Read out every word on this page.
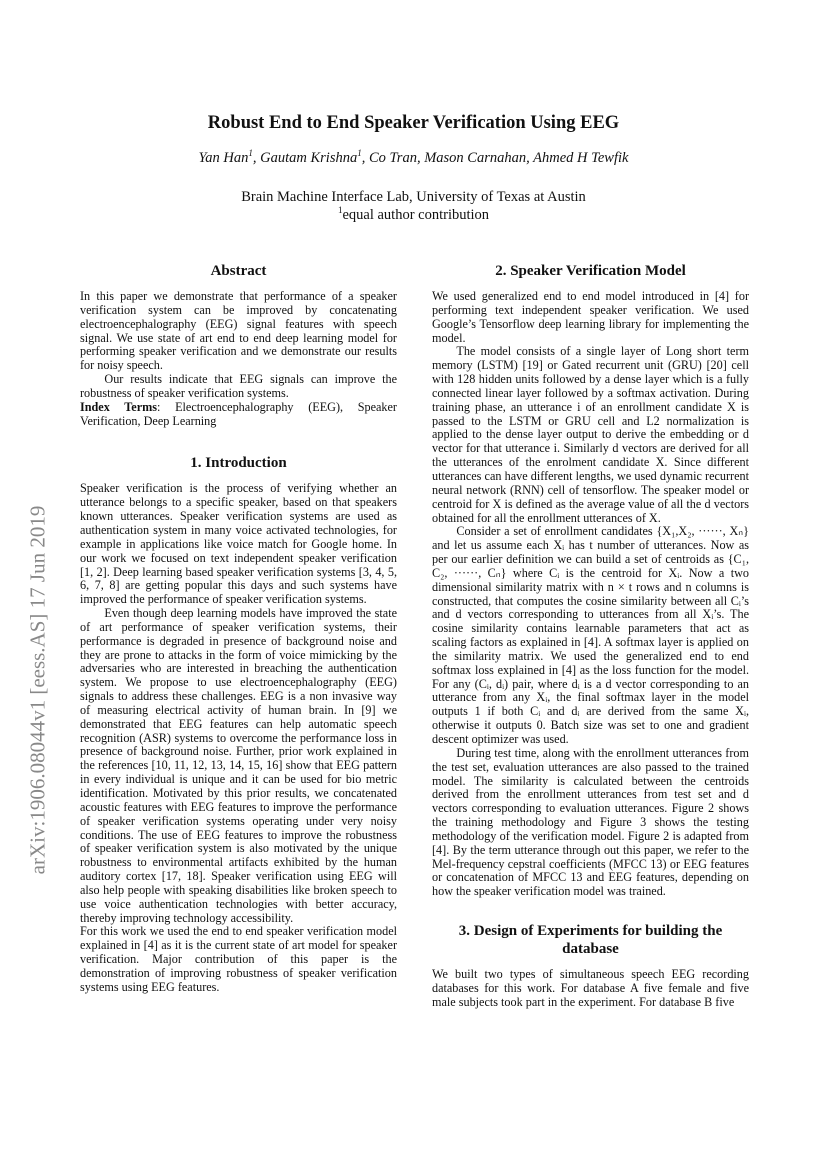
arXiv:1906.08044v1 [eess.AS] 17 Jun 2019
Robust End to End Speaker Verification Using EEG
Yan Han$^1$, Gautam Krishna$^1$, Co Tran, Mason Carnahan, Ahmed H Tewfik
Brain Machine Interface Lab, University of Texas at Austin
$^1$equal author contribution
Abstract

In this paper we demonstrate that performance of a speaker verification system can be improved by concatenating electroencephalography (EEG) signal features with speech signal. We use state of art end to end deep learning model for performing speaker verification and we demonstrate our results for noisy speech.

Our results indicate that EEG signals can improve the robustness of speaker verification systems.

Index Terms: Electroencephalography (EEG), Speaker Verification, Deep Learning

1. Introduction

Speaker verification is the process of verifying whether an utterance belongs to a specific speaker, based on that speakers known utterances. Speaker verification systems are used as authentication system in many voice activated technologies, for example in applications like voice match for Google home. In our work we focused on text independent speaker verification [1, 2]. Deep learning based speaker verification systems [3, 4, 5, 6, 7, 8] are getting popular this days and such systems have improved the performance of speaker verification systems.

Even though deep learning models have improved the state of art performance of speaker verification systems, their performance is degraded in presence of background noise and they are prone to attacks in the form of voice mimicking by the adversaries who are interested in breaching the authentication system. We propose to use electroencephalography (EEG) signals to address these challenges. EEG is a non invasive way of measuring electrical activity of human brain. In [9] we demonstrated that EEG features can help automatic speech recognition (ASR) systems to overcome the performance loss in presence of background noise. Further, prior work explained in the references [10, 11, 12, 13, 14, 15, 16] show that EEG pattern in every individual is unique and it can be used for bio metric identification. Motivated by this prior results, we concatenated acoustic features with EEG features to improve the performance of speaker verification systems operating under very noisy conditions. The use of EEG features to improve the robustness of speaker verification system is also motivated by the unique robustness to environmental artifacts exhibited by the human auditory cortex [17, 18]. Speaker verification using EEG will also help people with speaking disabilities like broken speech to use voice authentication technologies with better accuracy, thereby improving technology accessibility.

For this work we used the end to end speaker verification model explained in [4] as it is the current state of art model for speaker verification. Major contribution of this paper is the demonstration of improving robustness of speaker verification systems using EEG features.

2. Speaker Verification Model

We used generalized end to end model introduced in [4] for performing text independent speaker verification. We used Google’s Tensorflow deep learning library for implementing the model.

The model consists of a single layer of Long short term memory (LSTM) [19] or Gated recurrent unit (GRU) [20] cell with 128 hidden units followed by a dense layer which is a fully connected linear layer followed by a softmax activation. During training phase, an utterance i of an enrollment candidate X is passed to the LSTM or GRU cell and L2 normalization is applied to the dense layer output to derive the embedding or d vector for that utterance i. Similarly d vectors are derived for all the utterances of the enrolment candidate X. Since different utterances can have different lengths, we used dynamic recurrent neural network (RNN) cell of tensorflow. The speaker model or centroid for X is defined as the average value of all the d vectors obtained for all the enrollment utterances of X.

Consider a set of enrollment candidates {X₁,X₂, ······, Xₙ} and let us assume each Xᵢ has t number of utterances. Now as per our earlier definition we can build a set of centroids as {C₁, C₂, ······, Cₙ} where Cᵢ is the centroid for Xᵢ. Now a two dimensional similarity matrix with n × t rows and n columns is constructed, that computes the cosine similarity between all Cᵢ’s and d vectors corresponding to utterances from all Xᵢ’s. The cosine similarity contains learnable parameters that act as scaling factors as explained in [4]. A softmax layer is applied on the similarity matrix. We used the generalized end to end softmax loss explained in [4] as the loss function for the model. For any (Cᵢ, dᵢ) pair, where dᵢ is a d vector corresponding to an utterance from any Xᵢ, the final softmax layer in the model outputs 1 if both Cᵢ and dᵢ are derived from the same Xᵢ, otherwise it outputs 0. Batch size was set to one and gradient descent optimizer was used.

During test time, along with the enrollment utterances from the test set, evaluation utterances are also passed to the trained model. The similarity is calculated between the centroids derived from the enrollment utterances from test set and d vectors corresponding to evaluation utterances. Figure 2 shows the training methodology and Figure 3 shows the testing methodology of the verification model. Figure 2 is adapted from [4]. By the term utterance through out this paper, we refer to the Mel-frequency cepstral coefficients (MFCC 13) or EEG features or concatenation of MFCC 13 and EEG features, depending on how the speaker verification model was trained.

3. Design of Experiments for building the database

We built two types of simultaneous speech EEG recording databases for this work. For database A five female and five male subjects took part in the experiment. For database B five
